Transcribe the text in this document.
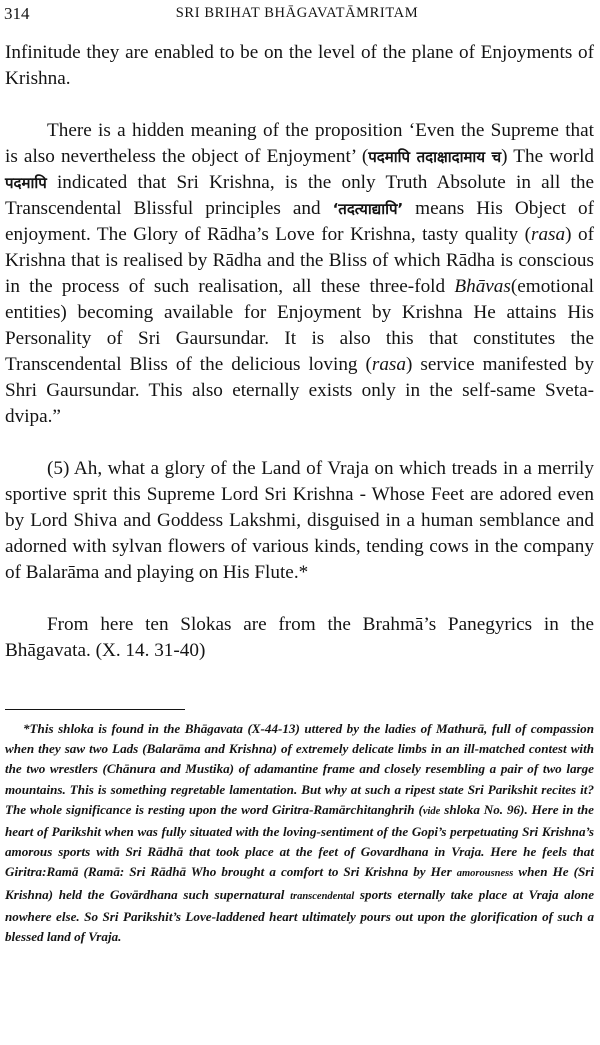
314	SRI BRIHAT BHĀGAVATĀMRITAM

Infinitude they are enabled to be on the level of the plane of Enjoyments of Krishna.

There is a hidden meaning of the proposition ‘Even the Supreme that is also nevertheless the object of Enjoyment’ (पदमापि तदाक्षादामाय च) The world पदमापि indicated that Sri Krishna, is the only Truth Absolute in all the Transcendental Blissful principles and ‘तदत्याद्यापि’ means His Object of enjoyment. The Glory of Rādha’s Love for Krishna, tasty quality (rasa) of Krishna that is realised by Rādha and the Bliss of which Rādha is conscious in the process of such realisation, all these three-fold Bhāvas(emotional entities) becoming available for Enjoyment by Krishna He attains His Personality of Sri Gaursundar. It is also this that constitutes the Transcendental Bliss of the delicious loving (rasa) service manifested by Shri Gaursundar. This also eternally exists only in the self-same Sveta-dvipa.”

(5) Ah, what a glory of the Land of Vraja on which treads in a merrily sportive sprit this Supreme Lord Sri Krishna - Whose Feet are adored even by Lord Shiva and Goddess Lakshmi, disguised in a human semblance and adorned with sylvan flowers of various kinds, tending cows in the company of Balarāma and playing on His Flute.*

From here ten Slokas are from the Brahmā’s Panegyrics in the Bhāgavata. (X. 14. 31-40)

*This shloka is found in the Bhāgavata (X-44-13) uttered by the ladies of Mathurā, full of compassion when they saw two Lads (Balarāma and Krishna) of extremely delicate limbs in an ill-matched contest with the two wrestlers (Chānura and Mustika) of adamantine frame and closely resembling a pair of two large mountains. This is something regretable lamentation. But why at such a ripest state Sri Parikshit recites it? The whole significance is resting upon the word Giritra-Ramārchitanghrih (vide shloka No. 96). Here in the heart of Parikshit when was fully situated with the loving-sentiment of the Gopi’s perpetuating Sri Krishna’s amorous sports with Sri Rādhā that took place at the feet of Govardhana in Vraja. Here he feels that Giritra:Ramā (Ramā: Sri Rādhā Who brought a comfort to Sri Krishna by Her amorousness when He (Sri Krishna) held the Govārdhana such supernatural transcendental sports eternally take place at Vraja alone nowhere else. So Sri Parikshit’s Love-laddened heart ultimately pours out upon the glorification of such a blessed land of Vraja.
